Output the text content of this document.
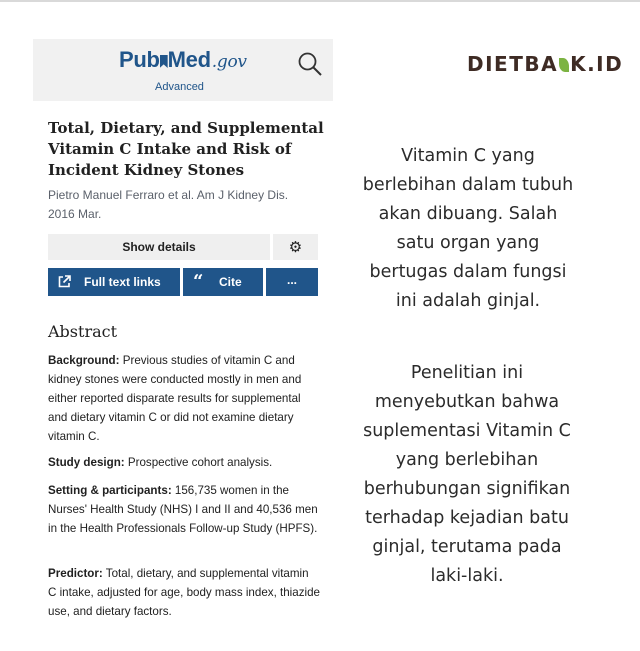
Pub Med.gov
Advanced
DIETBA K.ID
Total, Dietary, and Supplemental Vitamin C Intake and Risk of Incident Kidney Stones
Pietro Manuel Ferraro et al. Am J Kidney Dis. 2016 Mar.
Show details	⚙
Full text links “ Cite	...
Abstract
Background: Previous studies of vitamin C and kidney stones were conducted mostly in men and either reported disparate results for supplemental and dietary vitamin C or did not examine dietary vitamin C.
Study design: Prospective cohort analysis.
Setting & participants: 156,735 women in the Nurses' Health Study (NHS) I and II and 40,536 men in the Health Professionals Follow-up Study (HPFS).
Predictor: Total, dietary, and supplemental vitamin C intake, adjusted for age, body mass index, thiazide use, and dietary factors.
Vitamin C yang berlebihan dalam tubuh akan dibuang. Salah satu organ yang bertugas dalam fungsi ini adalah ginjal.
Penelitian ini menyebutkan bahwa suplementasi Vitamin C yang berlebihan berhubungan signifikan terhadap kejadian batu ginjal, terutama pada laki-laki.
